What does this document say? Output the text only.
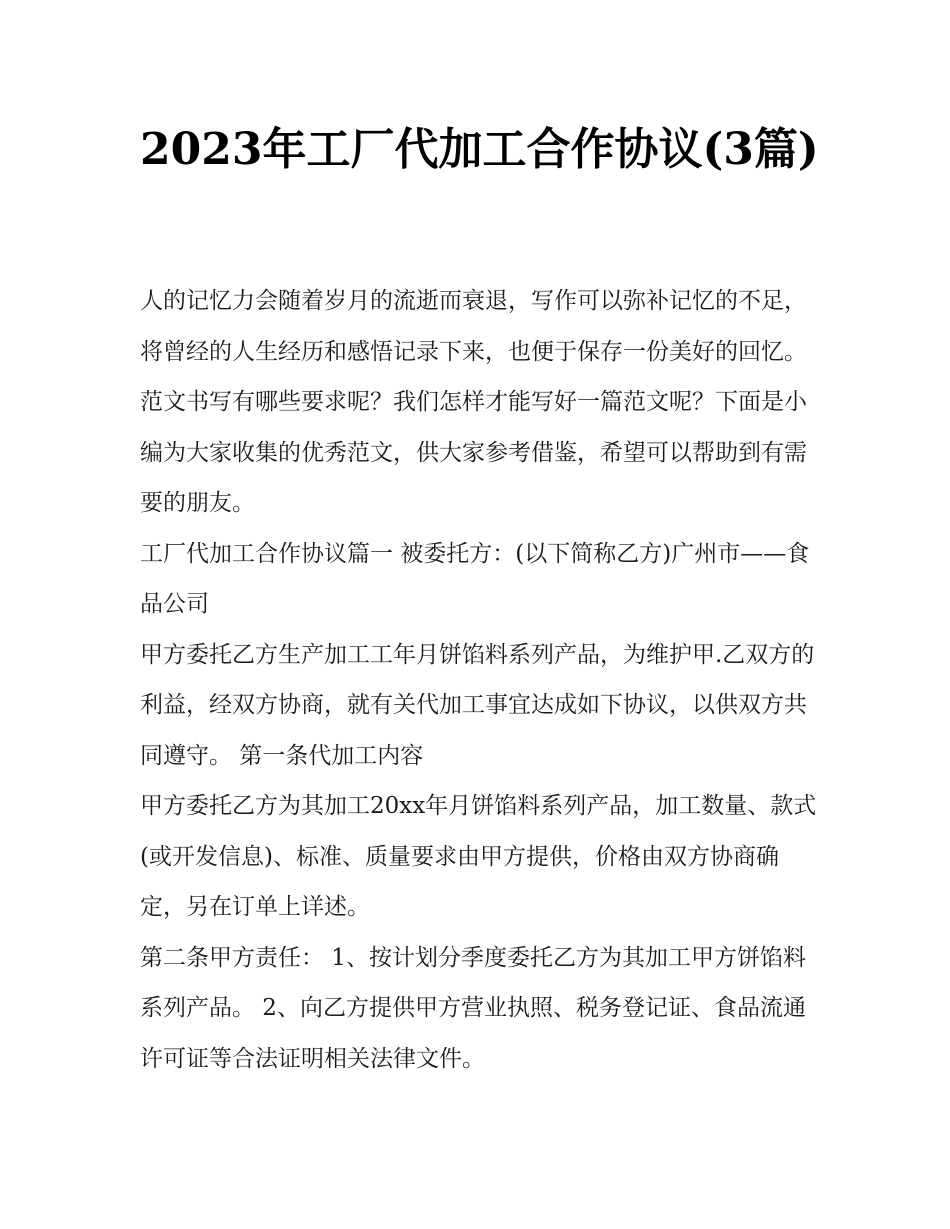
2023年工厂代加工合作协议(3篇)

人的记忆力会随着岁月的流逝而衰退，写作可以弥补记忆的不足，将曾经的人生经历和感悟记录下来，也便于保存一份美好的回忆。范文书写有哪些要求呢？我们怎样才能写好一篇范文呢？下面是小编为大家收集的优秀范文，供大家参考借鉴，希望可以帮助到有需要的朋友。

工厂代加工合作协议篇一 被委托方：(以下简称乙方)广州市——食品公司

甲方委托乙方生产加工工年月饼馅料系列产品，为维护甲.乙双方的利益，经双方协商，就有关代加工事宜达成如下协议，以供双方共同遵守。 第一条代加工内容

甲方委托乙方为其加工20xx年月饼馅料系列产品，加工数量、款式(或开发信息)、标准、质量要求由甲方提供，价格由双方协商确定，另在订单上详述。

第二条甲方责任： 1、按计划分季度委托乙方为其加工甲方饼馅料系列产品。 2、向乙方提供甲方营业执照、税务登记证、食品流通许可证等合法证明相关法律文件。
